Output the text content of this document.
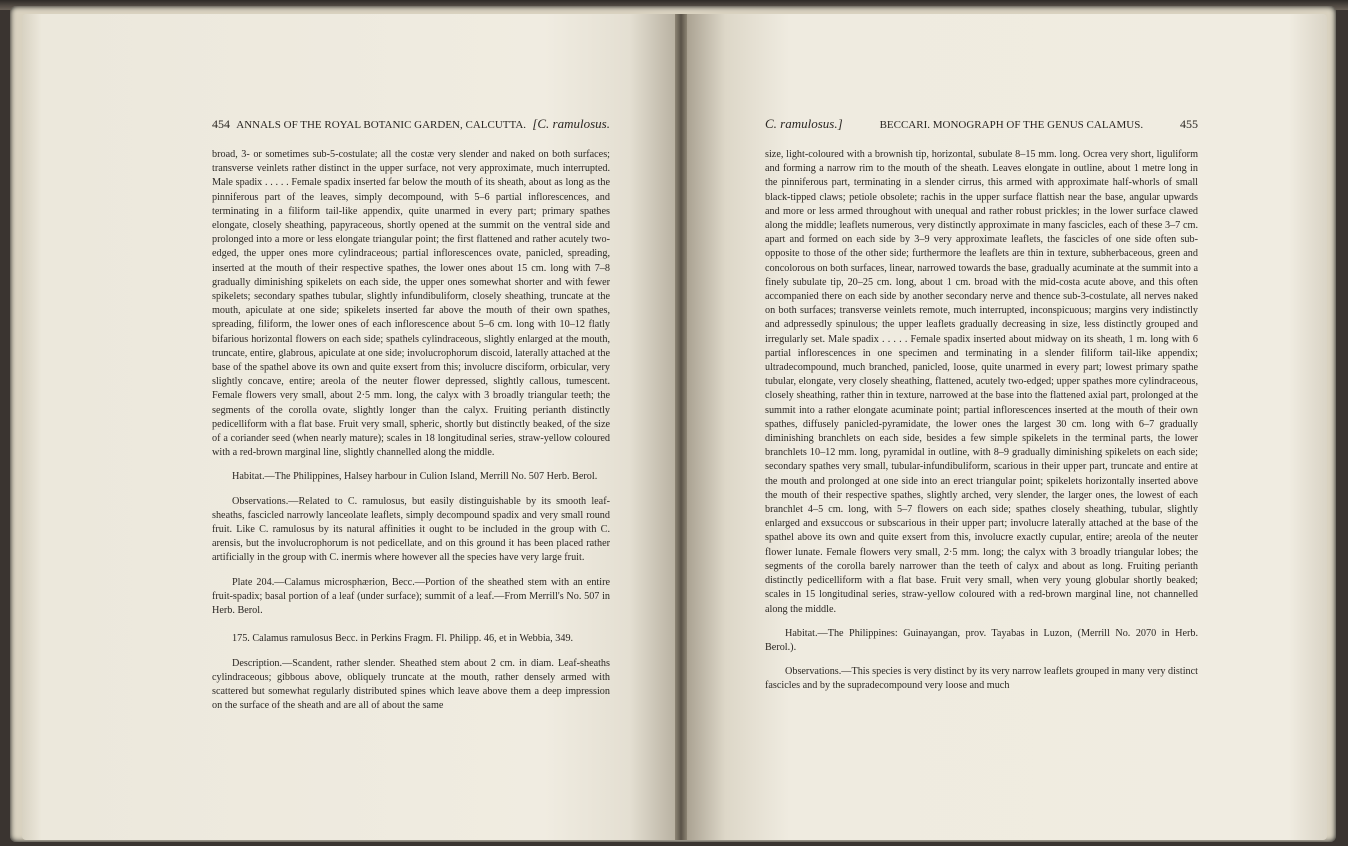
454 ANNALS OF THE ROYAL BOTANIC GARDEN, CALCUTTA. [C. ramulosus.

broad, 3- or sometimes sub-5-costulate; all the costæ very slender and naked on both surfaces; transverse veinlets rather distinct in the upper surface, not very approximate, much interrupted. Male spadix . . . . . Female spadix inserted far below the mouth of its sheath, about as long as the pinniferous part of the leaves, simply decompound, with 5–6 partial inflorescences, and terminating in a filiform tail-like appendix, quite unarmed in every part; primary spathes elongate, closely sheathing, papyraceous, shortly opened at the summit on the ventral side and prolonged into a more or less elongate triangular point; the first flattened and rather acutely two-edged, the upper ones more cylindraceous; partial inflorescences ovate, panicled, spreading, inserted at the mouth of their respective spathes, the lower ones about 15 cm. long with 7–8 gradually diminishing spikelets on each side, the upper ones somewhat shorter and with fewer spikelets; secondary spathes tubular, slightly infundibuliform, closely sheathing, truncate at the mouth, apiculate at one side; spikelets inserted far above the mouth of their own spathes, spreading, filiform, the lower ones of each inflorescence about 5–6 cm. long with 10–12 flatly bifarious horizontal flowers on each side; spathels cylindraceous, slightly enlarged at the mouth, truncate, entire, glabrous, apiculate at one side; involucrophorum discoid, laterally attached at the base of the spathel above its own and quite exsert from this; involucre disciform, orbicular, very slightly concave, entire; areola of the neuter flower depressed, slightly callous, tumescent. Female flowers very small, about 2·5 mm. long, the calyx with 3 broadly triangular teeth; the segments of the corolla ovate, slightly longer than the calyx. Fruiting perianth distinctly pedicelliform with a flat base. Fruit very small, spheric, shortly but distinctly beaked, of the size of a coriander seed (when nearly mature); scales in 18 longitudinal series, straw-yellow coloured with a red-brown marginal line, slightly channelled along the middle.

Habitat.—The Philippines, Halsey harbour in Culion Island, Merrill No. 507 Herb. Berol.

Observations.—Related to C. ramulosus, but easily distinguishable by its smooth leaf-sheaths, fascicled narrowly lanceolate leaflets, simply decompound spadix and very small round fruit. Like C. ramulosus by its natural affinities it ought to be included in the group with C. arensis, but the involucrophorum is not pedicellate, and on this ground it has been placed rather artificially in the group with C. inermis where however all the species have very large fruit.

Plate 204.—Calamus microsphærion, Becc.—Portion of the sheathed stem with an entire fruit-spadix; basal portion of a leaf (under surface); summit of a leaf.—From Merrill's No. 507 in Herb. Berol.

175. Calamus ramulosus Becc. in Perkins Fragm. Fl. Philipp. 46, et in Webbia, 349.

Description.—Scandent, rather slender. Sheathed stem about 2 cm. in diam. Leaf-sheaths cylindraceous; gibbous above, obliquely truncate at the mouth, rather densely armed with scattered but somewhat regularly distributed spines which leave above them a deep impression on the surface of the sheath and are all of about the same

C. ramulosus.]	BECCARI. MONOGRAPH OF THE GENUS CALAMUS.	455

size, light-coloured with a brownish tip, horizontal, subulate 8–15 mm. long. Ocrea very short, liguliform and forming a narrow rim to the mouth of the sheath. Leaves elongate in outline, about 1 metre long in the pinniferous part, terminating in a slender cirrus, this armed with approximate half-whorls of small black-tipped claws; petiole obsolete; rachis in the upper surface flattish near the base, angular upwards and more or less armed throughout with unequal and rather robust prickles; in the lower surface clawed along the middle; leaflets numerous, very distinctly approximate in many fascicles, each of these 3–7 cm. apart and formed on each side by 3–9 very approximate leaflets, the fascicles of one side often sub-opposite to those of the other side; furthermore the leaflets are thin in texture, subherbaceous, green and concolorous on both surfaces, linear, narrowed towards the base, gradually acuminate at the summit into a finely subulate tip, 20–25 cm. long, about 1 cm. broad with the mid-costa acute above, and this often accompanied there on each side by another secondary nerve and thence sub-3-costulate, all nerves naked on both surfaces; transverse veinlets remote, much interrupted, inconspicuous; margins very indistinctly and adpressedly spinulous; the upper leaflets gradually decreasing in size, less distinctly grouped and irregularly set. Male spadix . . . . . Female spadix inserted about midway on its sheath, 1 m. long with 6 partial inflorescences in one specimen and terminating in a slender filiform tail-like appendix; ultradecompound, much branched, panicled, loose, quite unarmed in every part; lowest primary spathe tubular, elongate, very closely sheathing, flattened, acutely two-edged; upper spathes more cylindraceous, closely sheathing, rather thin in texture, narrowed at the base into the flattened axial part, prolonged at the summit into a rather elongate acuminate point; partial inflorescences inserted at the mouth of their own spathes, diffusely panicled-pyramidate, the lower ones the largest 30 cm. long with 6–7 gradually diminishing branchlets on each side, besides a few simple spikelets in the terminal parts, the lower branchlets 10–12 mm. long, pyramidal in outline, with 8–9 gradually diminishing spikelets on each side; secondary spathes very small, tubular-infundibuliform, scarious in their upper part, truncate and entire at the mouth and prolonged at one side into an erect triangular point; spikelets horizontally inserted above the mouth of their respective spathes, slightly arched, very slender, the larger ones, the lowest of each branchlet 4–5 cm. long, with 5–7 flowers on each side; spathes closely sheathing, tubular, slightly enlarged and exsuccous or subscarious in their upper part; involucre laterally attached at the base of the spathel above its own and quite exsert from this, involucre exactly cupular, entire; areola of the neuter flower lunate. Female flowers very small, 2·5 mm. long; the calyx with 3 broadly triangular lobes; the segments of the corolla barely narrower than the teeth of calyx and about as long. Fruiting perianth distinctly pedicelliform with a flat base. Fruit very small, when very young globular shortly beaked; scales in 15 longitudinal series, straw-yellow coloured with a red-brown marginal line, not channelled along the middle.

Habitat.—The Philippines: Guinayangan, prov. Tayabas in Luzon, (Merrill No. 2070 in Herb. Berol.).

Observations.—This species is very distinct by its very narrow leaflets grouped in many very distinct fascicles and by the supradecompound very loose and much
